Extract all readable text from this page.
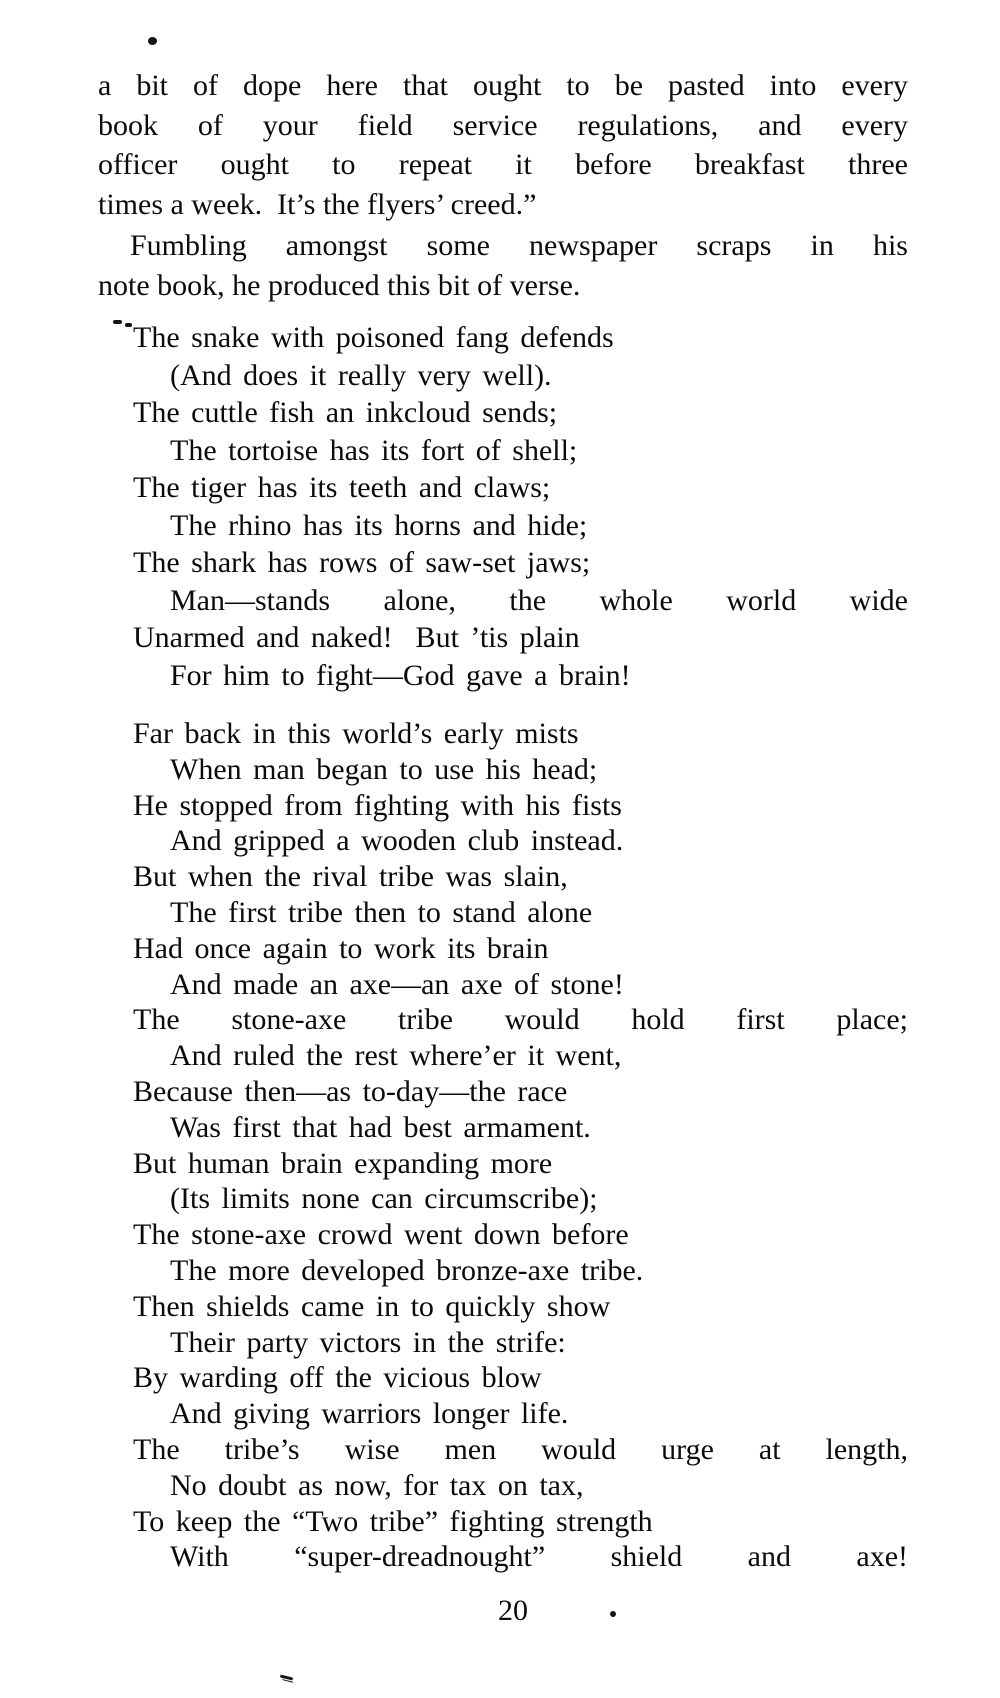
a bit of dope here that ought to be pasted into every
book of your field service regulations, and every
officer ought to repeat it before breakfast three
times a week.  It’s the flyers’ creed.”
Fumbling amongst some newspaper scraps in his
note book, he produced this bit of verse.
The snake with poisoned fang defends
(And does it really very well).
The cuttle fish an inkcloud sends;
The tortoise has its fort of shell;
The tiger has its teeth and claws;
The rhino has its horns and hide;
The shark has rows of saw-set jaws;
Man—stands alone, the whole world wide
Unarmed and naked!  But ’tis plain
For him to fight—God gave a brain!
Far back in this world’s early mists
When man began to use his head;
He stopped from fighting with his fists
And gripped a wooden club instead.
But when the rival tribe was slain,
The first tribe then to stand alone
Had once again to work its brain
And made an axe—an axe of stone!
The stone-axe tribe would hold first place;
And ruled the rest where’er it went,
Because then—as to-day—the race
Was first that had best armament.
But human brain expanding more
(Its limits none can circumscribe);
The stone-axe crowd went down before
The more developed bronze-axe tribe.
Then shields came in to quickly show
Their party victors in the strife:
By warding off the vicious blow
And giving warriors longer life.
The tribe’s wise men would urge at length,
No doubt as now, for tax on tax,
To keep the “Two tribe” fighting strength
With “super-dreadnought” shield and axe!
20
